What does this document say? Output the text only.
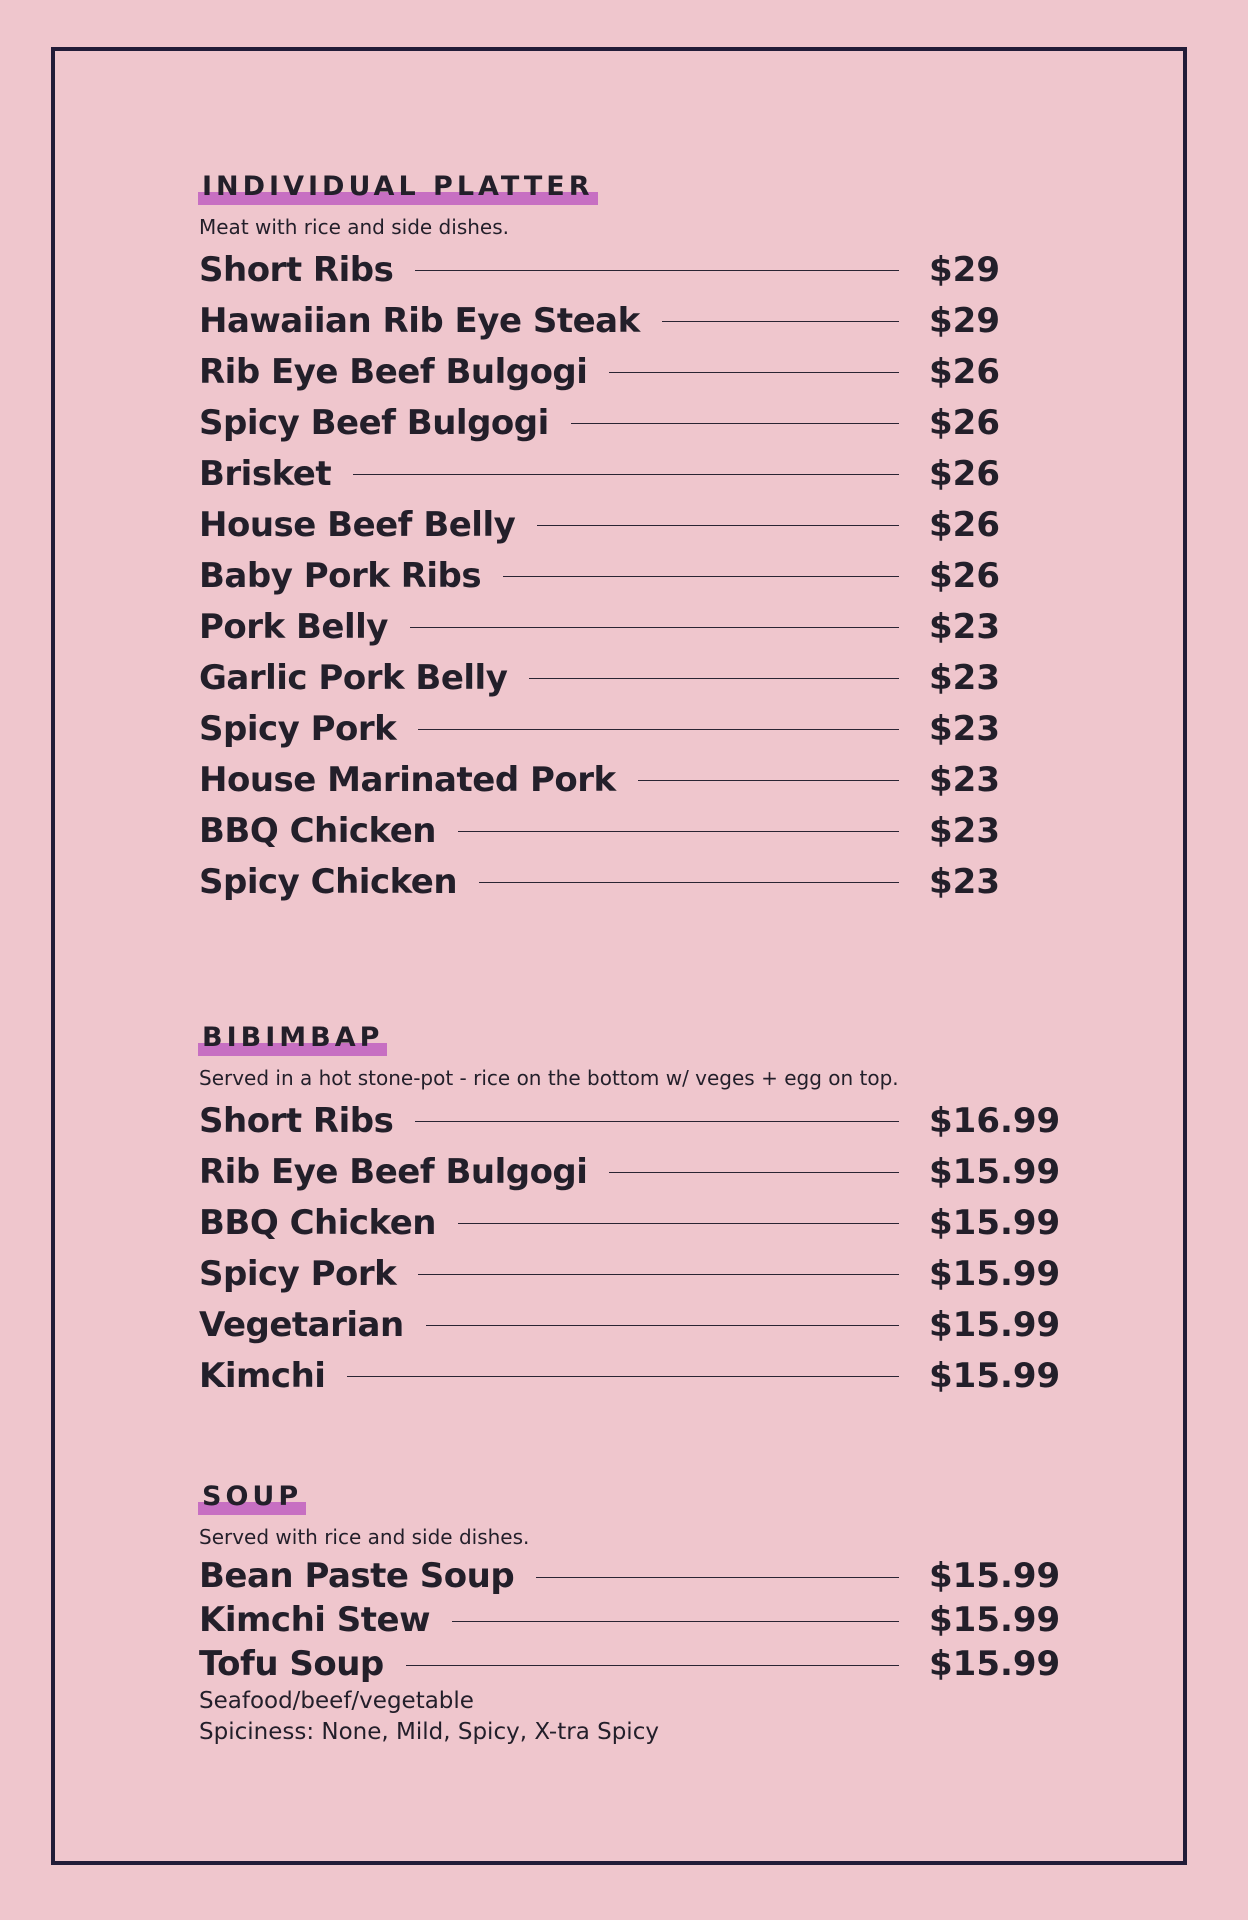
INDIVIDUAL PLATTER
Meat with rice and side dishes.
Short Ribs	$29
Hawaiian Rib Eye Steak	$29
Rib Eye Beef Bulgogi	$26
Spicy Beef Bulgogi	$26
Brisket	$26
House Beef Belly	$26
Baby Pork Ribs	$26
Pork Belly	$23
Garlic Pork Belly	$23
Spicy Pork	$23
House Marinated Pork	$23
BBQ Chicken	$23
Spicy Chicken	$23
BIBIMBAP
Served in a hot stone-pot - rice on the bottom w/ veges + egg on top.
Short Ribs	$16.99
Rib Eye Beef Bulgogi	$15.99
BBQ Chicken	$15.99
Spicy Pork	$15.99
Vegetarian	$15.99
Kimchi	$15.99
SOUP
Served with rice and side dishes.
Bean Paste Soup	$15.99
Kimchi Stew	$15.99
Tofu Soup	$15.99
Seafood/beef/vegetable
Spiciness: None, Mild, Spicy, X-tra Spicy
